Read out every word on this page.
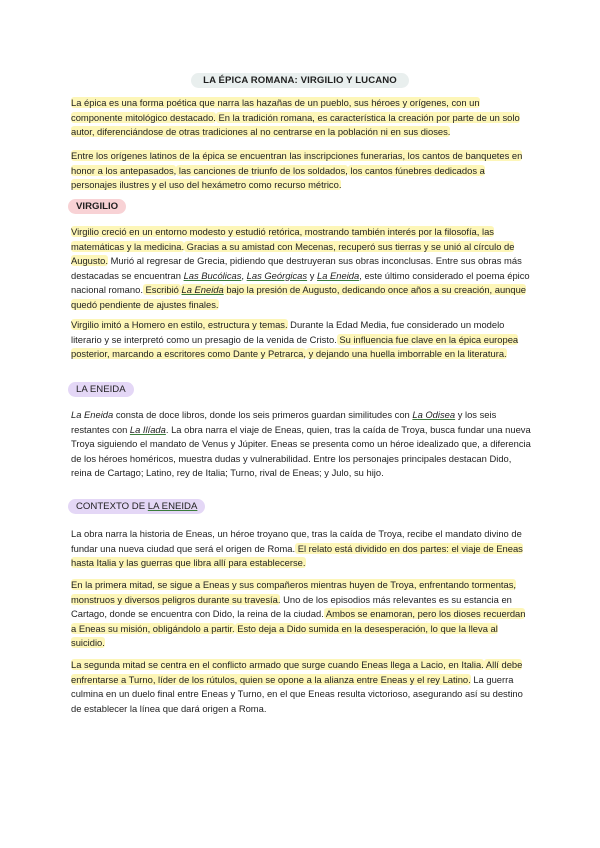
LA ÉPICA ROMANA: VIRGILIO Y LUCANO

La épica es una forma poética que narra las hazañas de un pueblo, sus héroes y orígenes, con un componente mitológico destacado. En la tradición romana, es característica la creación por parte de un solo autor, diferenciándose de otras tradiciones al no centrarse en la población ni en sus dioses.

Entre los orígenes latinos de la épica se encuentran las inscripciones funerarias, los cantos de banquetes en honor a los antepasados, las canciones de triunfo de los soldados, los cantos fúnebres dedicados a personajes ilustres y el uso del hexámetro como recurso métrico.

VIRGILIO

Virgilio creció en un entorno modesto y estudió retórica, mostrando también interés por la filosofía, las matemáticas y la medicina. Gracias a su amistad con Mecenas, recuperó sus tierras y se unió al círculo de Augusto. Murió al regresar de Grecia, pidiendo que destruyeran sus obras inconclusas. Entre sus obras más destacadas se encuentran Las Bucólicas, Las Geórgicas y La Eneida, este último considerado el poema épico nacional romano. Escribió La Eneida bajo la presión de Augusto, dedicando once años a su creación, aunque quedó pendiente de ajustes finales.

Virgilio imitó a Homero en estilo, estructura y temas. Durante la Edad Media, fue considerado un modelo literario y se interpretó como un presagio de la venida de Cristo. Su influencia fue clave en la épica europea posterior, marcando a escritores como Dante y Petrarca, y dejando una huella imborrable en la literatura.

LA ENEIDA

La Eneida consta de doce libros, donde los seis primeros guardan similitudes con La Odisea y los seis restantes con La Ilíada. La obra narra el viaje de Eneas, quien, tras la caída de Troya, busca fundar una nueva Troya siguiendo el mandato de Venus y Júpiter. Eneas se presenta como un héroe idealizado que, a diferencia de los héroes homéricos, muestra dudas y vulnerabilidad. Entre los personajes principales destacan Dido, reina de Cartago; Latino, rey de Italia; Turno, rival de Eneas; y Julo, su hijo.

CONTEXTO DE LA ENEIDA

La obra narra la historia de Eneas, un héroe troyano que, tras la caída de Troya, recibe el mandato divino de fundar una nueva ciudad que será el origen de Roma. El relato está dividido en dos partes: el viaje de Eneas hasta Italia y las guerras que libra allí para establecerse.

En la primera mitad, se sigue a Eneas y sus compañeros mientras huyen de Troya, enfrentando tormentas, monstruos y diversos peligros durante su travesía. Uno de los episodios más relevantes es su estancia en Cartago, donde se encuentra con Dido, la reina de la ciudad. Ambos se enamoran, pero los dioses recuerdan a Eneas su misión, obligándolo a partir. Esto deja a Dido sumida en la desesperación, lo que la lleva al suicidio.

La segunda mitad se centra en el conflicto armado que surge cuando Eneas llega a Lacio, en Italia. Allí debe enfrentarse a Turno, líder de los rútulos, quien se opone a la alianza entre Eneas y el rey Latino. La guerra culmina en un duelo final entre Eneas y Turno, en el que Eneas resulta victorioso, asegurando así su destino de establecer la línea que dará origen a Roma.
